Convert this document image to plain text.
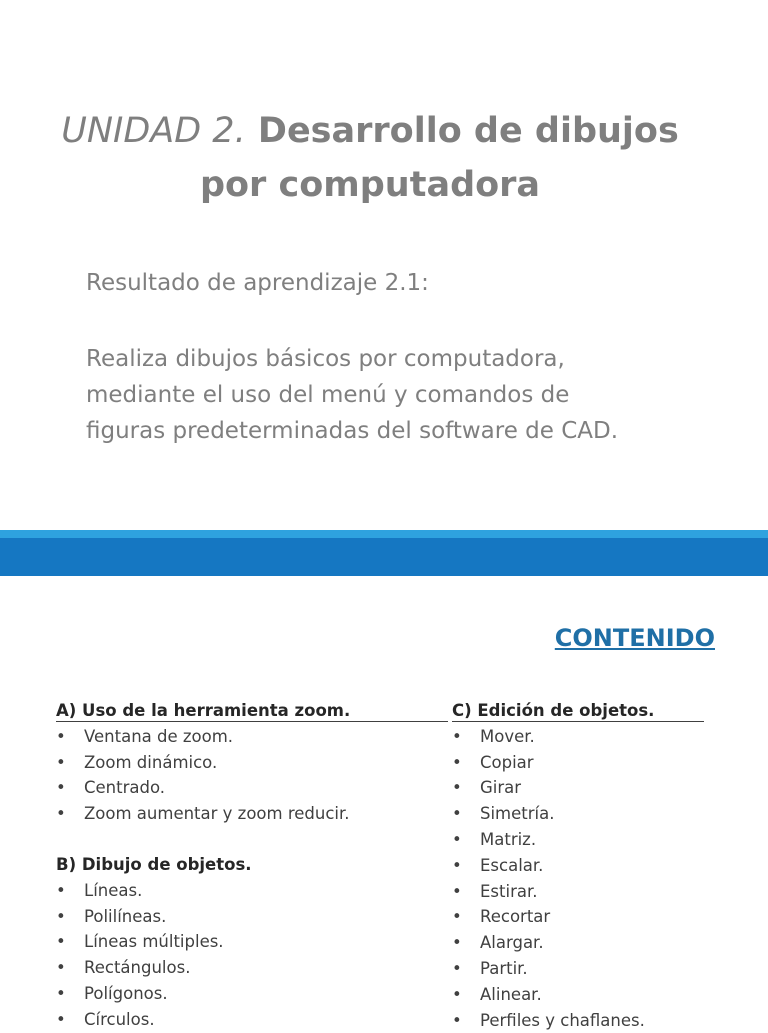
UNIDAD 2. Desarrollo de dibujos
por computadora
Resultado de aprendizaje 2.1:
Realiza dibujos básicos por computadora, mediante el uso del menú y comandos de figuras predeterminadas del software de CAD.
CONTENIDO
A) Uso de la herramienta zoom.
• Ventana de zoom.
• Zoom dinámico.
• Centrado.
• Zoom aumentar y zoom reducir.
B) Dibujo de objetos.
• Líneas.
• Polilíneas.
• Líneas múltiples.
• Rectángulos.
• Polígonos.
• Círculos.
C) Edición de objetos.
• Mover.
• Copiar
• Girar
• Simetría.
• Matriz.
• Escalar.
• Estirar.
• Recortar
• Alargar.
• Partir.
• Alinear.
• Perfiles y chaflanes.
